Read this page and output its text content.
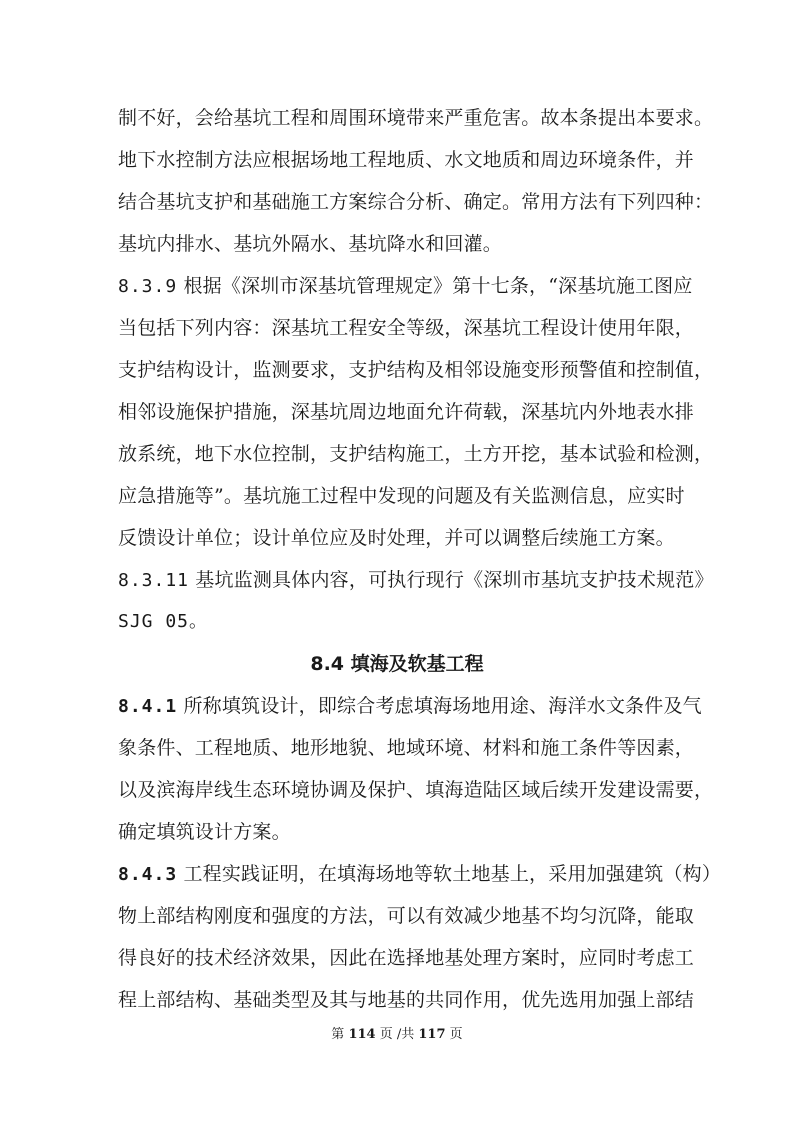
制不好，会给基坑工程和周围环境带来严重危害。故本条提出本要求。
地下水控制方法应根据场地工程地质、水文地质和周边环境条件，并
结合基坑支护和基础施工方案综合分析、确定。常用方法有下列四种：
基坑内排水、基坑外隔水、基坑降水和回灌。
8.3.9 根据《深圳市深基坑管理规定》第十七条，“深基坑施工图应
当包括下列内容：深基坑工程安全等级，深基坑工程设计使用年限，
支护结构设计，监测要求，支护结构及相邻设施变形预警值和控制值，
相邻设施保护措施，深基坑周边地面允许荷载，深基坑内外地表水排
放系统，地下水位控制，支护结构施工，土方开挖，基本试验和检测，
应急措施等”。基坑施工过程中发现的问题及有关监测信息，应实时
反馈设计单位；设计单位应及时处理，并可以调整后续施工方案。
8.3.11 基坑监测具体内容，可执行现行《深圳市基坑支护技术规范》
SJG 05。
8.4 填海及软基工程
8.4.1 所称填筑设计，即综合考虑填海场地用途、海洋水文条件及气
象条件、工程地质、地形地貌、地域环境、材料和施工条件等因素，
以及滨海岸线生态环境协调及保护、填海造陆区域后续开发建设需要，
确定填筑设计方案。
8.4.3 工程实践证明，在填海场地等软土地基上，采用加强建筑（构）
物上部结构刚度和强度的方法，可以有效减少地基不均匀沉降，能取
得良好的技术经济效果，因此在选择地基处理方案时，应同时考虑工
程上部结构、基础类型及其与地基的共同作用，优先选用加强上部结
第 114 页 /共 117 页
